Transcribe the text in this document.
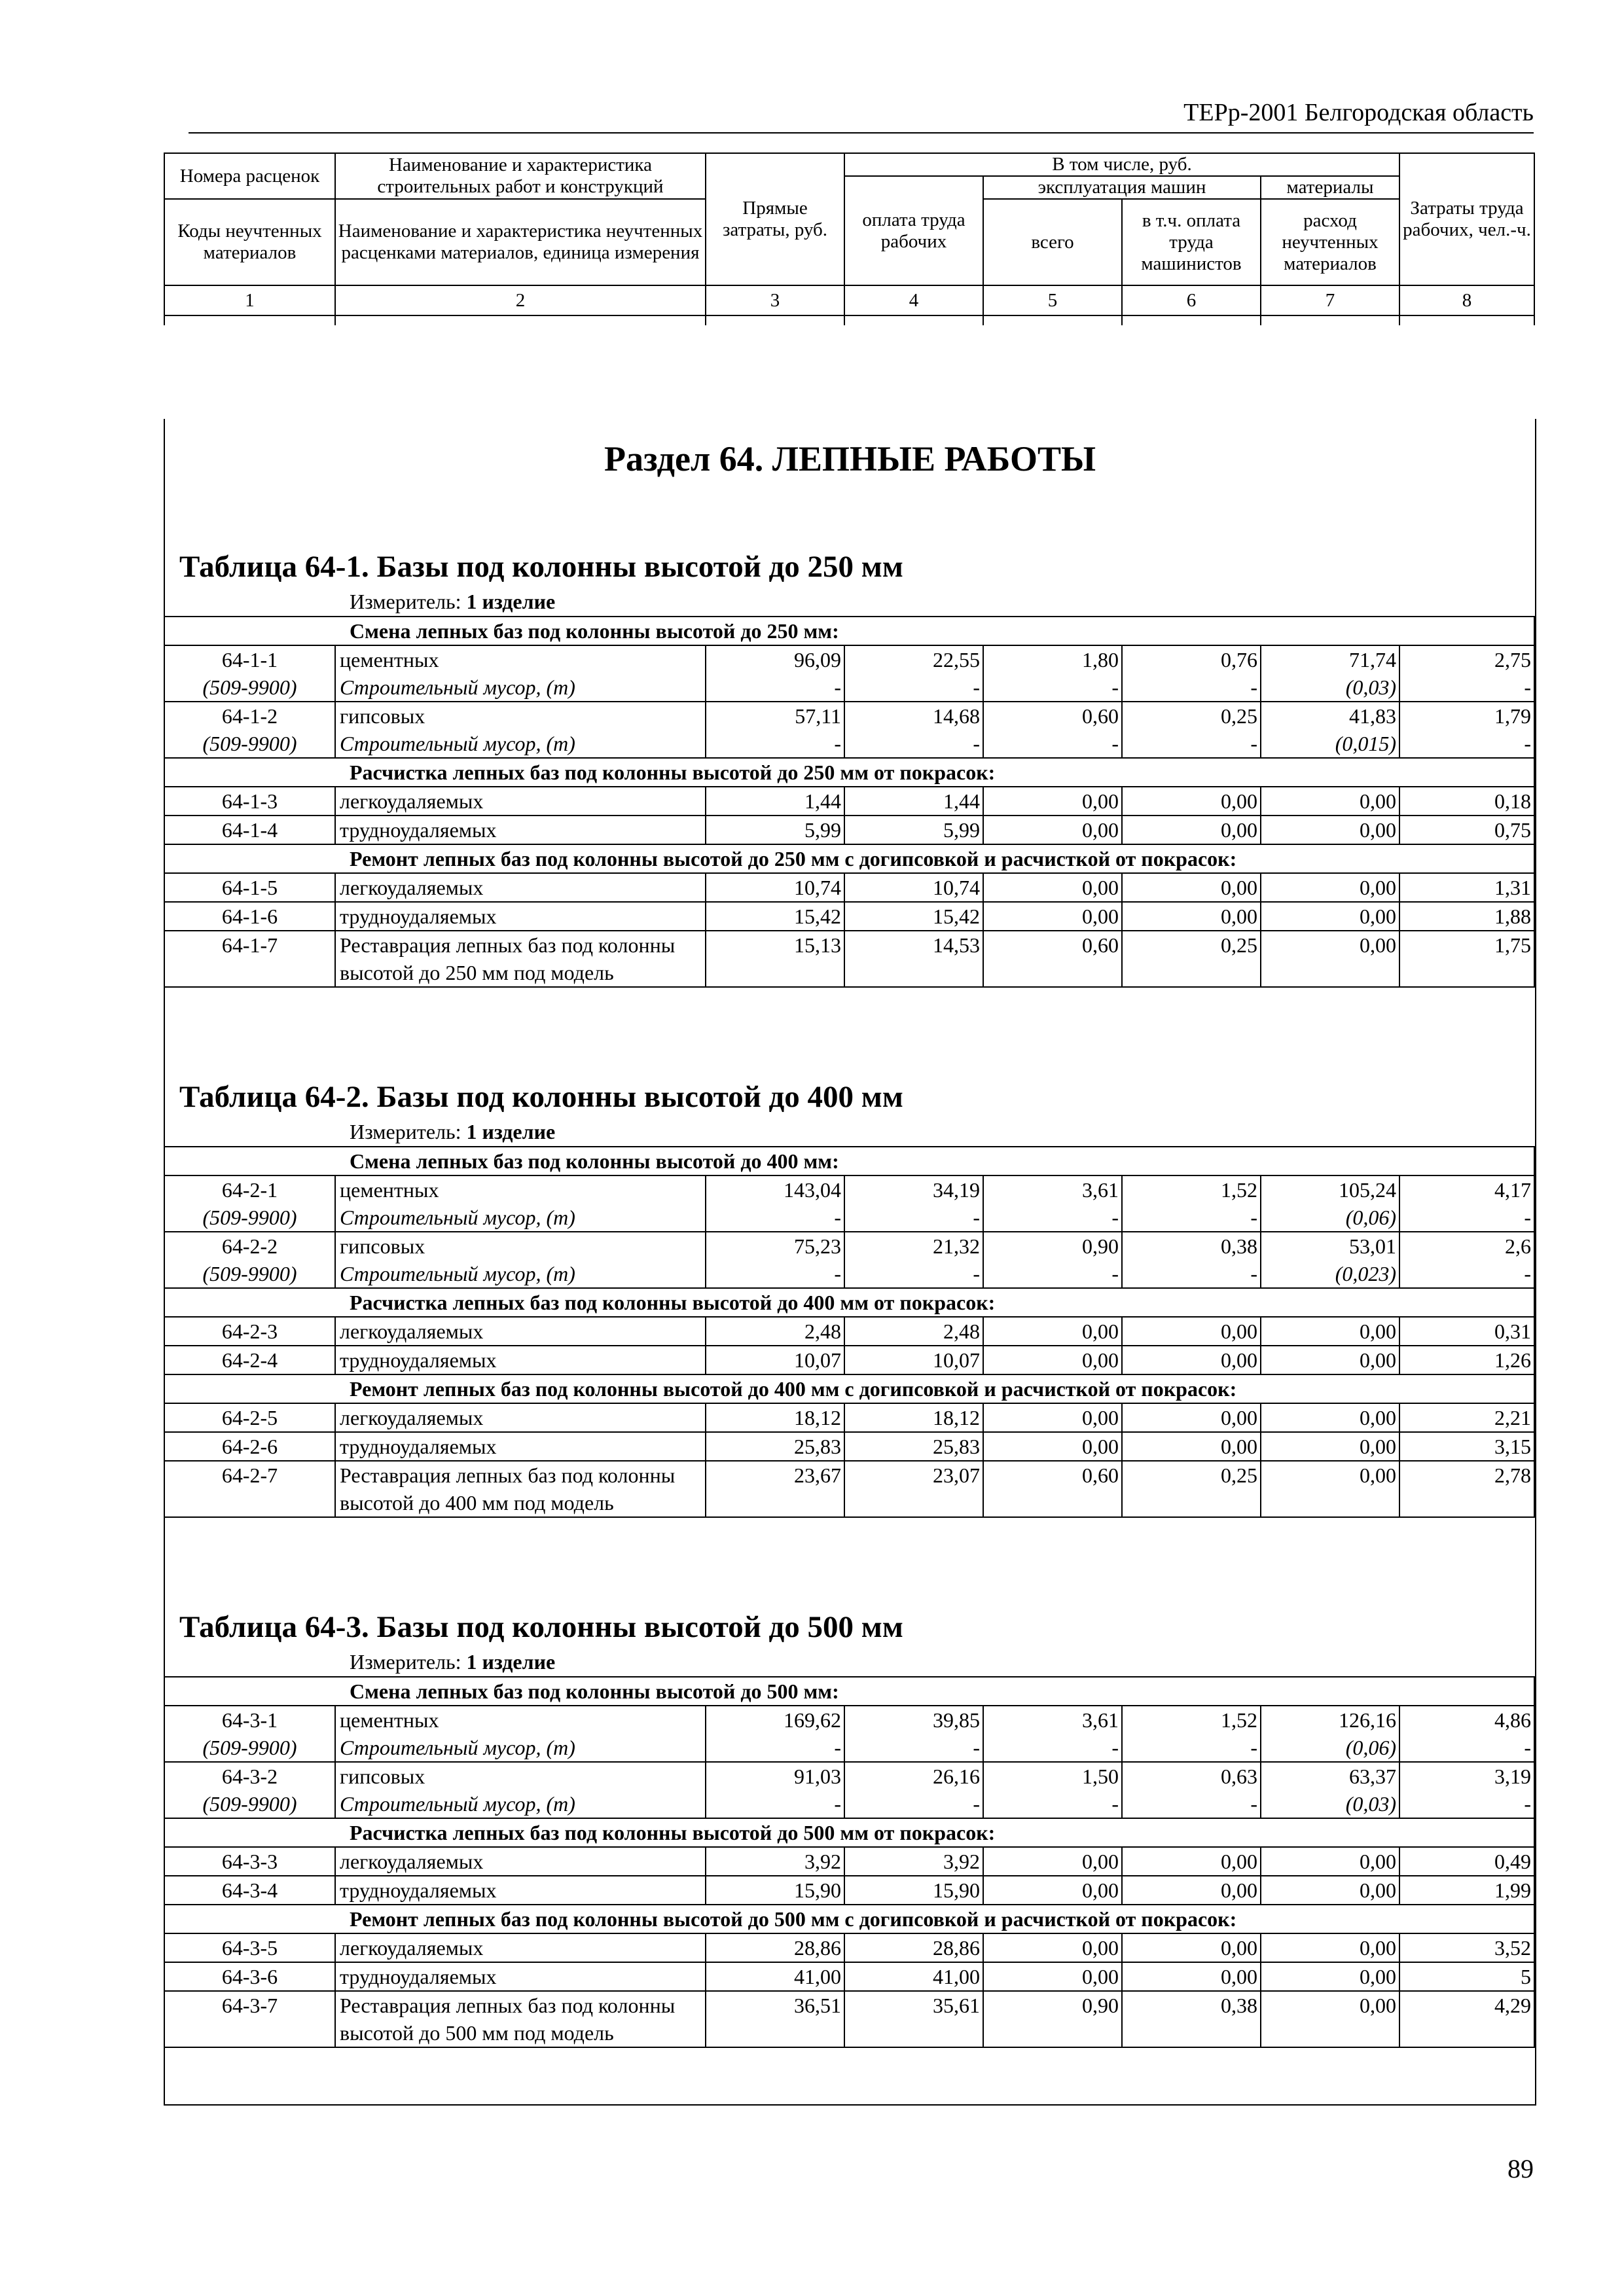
ТЕРр-2001 Белгородская область
Номера расценок	Наименование и характеристика строительных работ и конструкций	Прямые затраты, руб.	В том числе, руб.				Затраты труда рабочих, чел.-ч.
			оплата труда рабочих	эксплуатация машин		материалы	
Коды неучтенных материалов	Наименование и характеристика неучтенных расценками материалов, единица измерения			всего	в т.ч. оплата труда машинистов	расход неучтенных материалов	

1	2	3	4	5	6	7	8

Раздел 64. ЛЕПНЫЕ РАБОТЫ
Таблица 64-1. Базы под колонны высотой до 250 мм
Измеритель: 1 изделие
Смена лепных баз под колонны высотой до 250 мм:							
64-1-1	цементных	96,09	22,55	1,80	0,76	71,74	2,75
(509-9900)	Строительный мусор, (т)	-	-	-	-	(0,03)	-
64-1-2	гипсовых	57,11	14,68	0,60	0,25	41,83	1,79
(509-9900)	Строительный мусор, (т)	-	-	-	-	(0,015)	-
Расчистка лепных баз под колонны высотой до 250 мм от покрасок:							
64-1-3	легкоудаляемых	1,44	1,44	0,00	0,00	0,00	0,18
64-1-4	трудноудаляемых	5,99	5,99	0,00	0,00	0,00	0,75
Ремонт лепных баз под колонны высотой до 250 мм с догипсовкой и расчисткой от покрасок:							
64-1-5	легкоудаляемых	10,74	10,74	0,00	0,00	0,00	1,31
64-1-6	трудноудаляемых	15,42	15,42	0,00	0,00	0,00	1,88
64-1-7	Реставрация лепных баз под колонны высотой до 250 мм под модель	15,13	14,53	0,60	0,25	0,00	1,75
Таблица 64-2. Базы под колонны высотой до 400 мм
Измеритель: 1 изделие
Смена лепных баз под колонны высотой до 400 мм:							
64-2-1	цементных	143,04	34,19	3,61	1,52	105,24	4,17
(509-9900)	Строительный мусор, (т)	-	-	-	-	(0,06)	-
64-2-2	гипсовых	75,23	21,32	0,90	0,38	53,01	2,6
(509-9900)	Строительный мусор, (т)	-	-	-	-	(0,023)	-
Расчистка лепных баз под колонны высотой до 400 мм от покрасок:							
64-2-3	легкоудаляемых	2,48	2,48	0,00	0,00	0,00	0,31
64-2-4	трудноудаляемых	10,07	10,07	0,00	0,00	0,00	1,26
Ремонт лепных баз под колонны высотой до 400 мм с догипсовкой и расчисткой от покрасок:							
64-2-5	легкоудаляемых	18,12	18,12	0,00	0,00	0,00	2,21
64-2-6	трудноудаляемых	25,83	25,83	0,00	0,00	0,00	3,15
64-2-7	Реставрация лепных баз под колонны высотой до 400 мм под модель	23,67	23,07	0,60	0,25	0,00	2,78
Таблица 64-3. Базы под колонны высотой до 500 мм
Измеритель: 1 изделие
Смена лепных баз под колонны высотой до 500 мм:							
64-3-1	цементных	169,62	39,85	3,61	1,52	126,16	4,86
(509-9900)	Строительный мусор, (т)	-	-	-	-	(0,06)	-
64-3-2	гипсовых	91,03	26,16	1,50	0,63	63,37	3,19
(509-9900)	Строительный мусор, (т)	-	-	-	-	(0,03)	-
Расчистка лепных баз под колонны высотой до 500 мм от покрасок:							
64-3-3	легкоудаляемых	3,92	3,92	0,00	0,00	0,00	0,49
64-3-4	трудноудаляемых	15,90	15,90	0,00	0,00	0,00	1,99
Ремонт лепных баз под колонны высотой до 500 мм с догипсовкой и расчисткой от покрасок:							
64-3-5	легкоудаляемых	28,86	28,86	0,00	0,00	0,00	3,52
64-3-6	трудноудаляемых	41,00	41,00	0,00	0,00	0,00	5
64-3-7	Реставрация лепных баз под колонны высотой до 500 мм под модель	36,51	35,61	0,90	0,38	0,00	4,29
89
